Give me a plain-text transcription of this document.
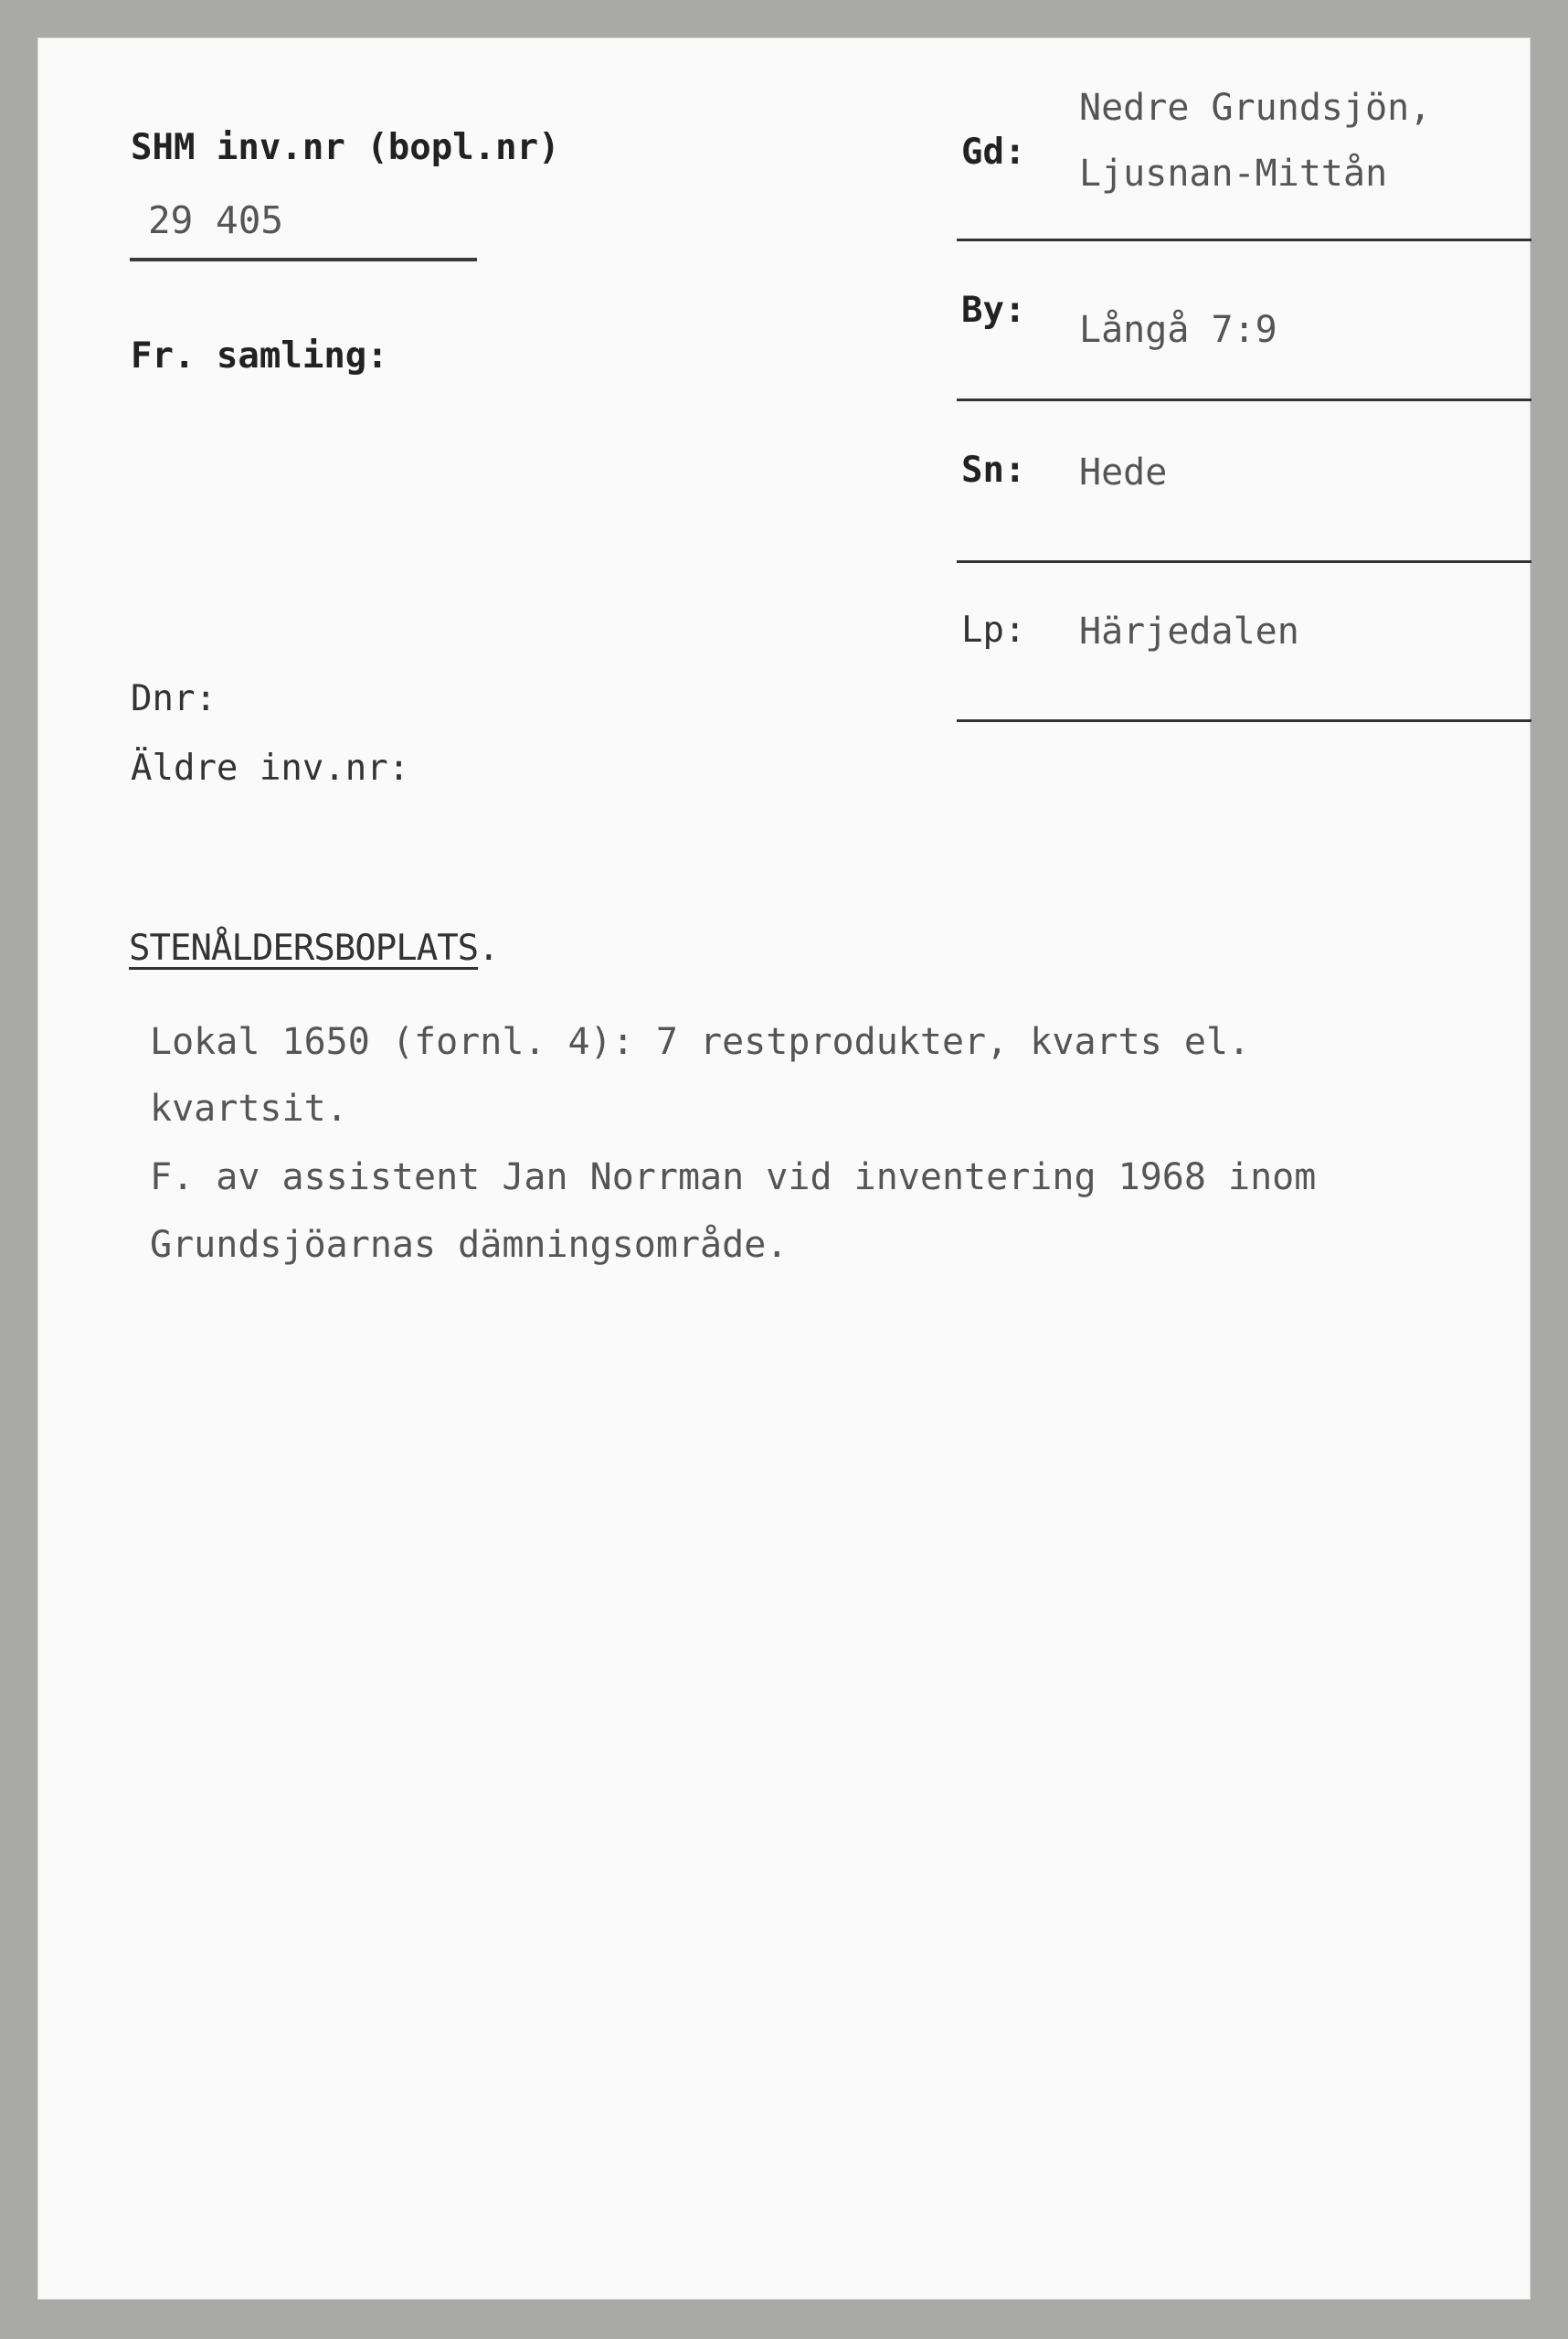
SHM inv.nr (bopl.nr)
29 405
Fr. samling:
Dnr:
Äldre inv.nr:
Gd:
Nedre Grundsjön,
Ljusnan-Mittån
By: Långå 7:9
Sn: Hede
Lp: Härjedalen
STENÅLDERSBOPLATS.
Lokal 1650 (fornl. 4): 7 restprodukter, kvarts el.
kvartsit.
F. av assistent Jan Norrman vid inventering 1968 inom
Grundsjöarnas dämningsområde.
